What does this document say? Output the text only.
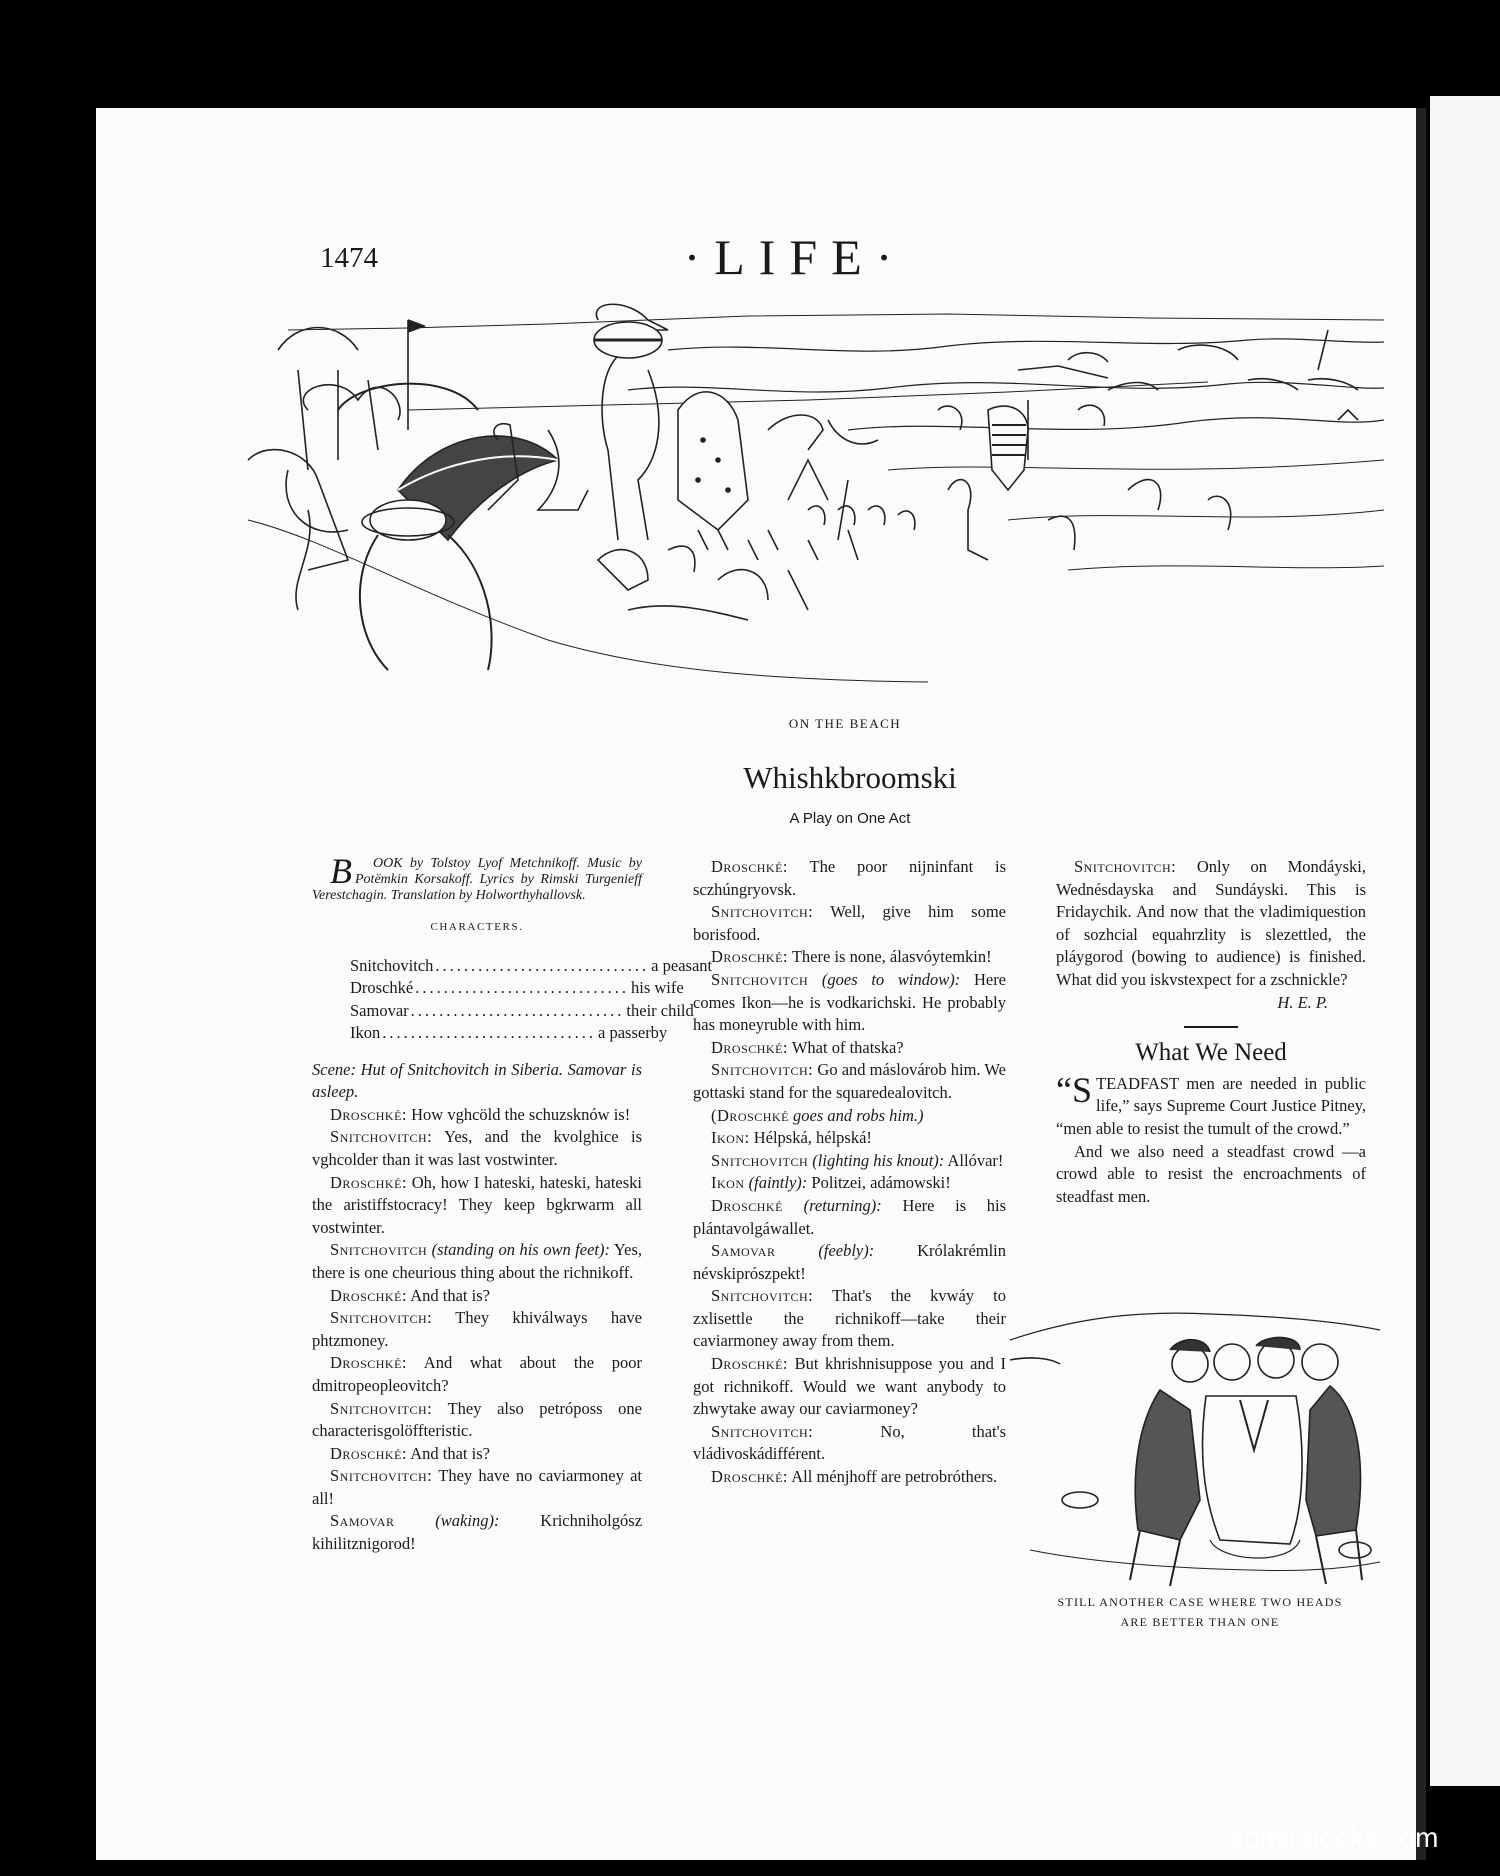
1474	·LIFE·
ON THE BEACH
Whishkbroomski
A Play on One Act

B OOK by Tolstoy Lyof Metchnikoff. Music by Potëmkin Korsakoff. Lyrics by Rimski Turgenieff Verestchagin. Translation by Holworthyhallovsk.

CHARACTERS.
Snitchovitch .............................. a peasant
Droschké .............................. his wife
Samovar .............................. their child
Ikon .............................. a passerby

Scene: Hut of Snitchovitch in Siberia. Samovar is asleep.

Droschké: How vghcöld the schuzsknów is!

Snitchovitch: Yes, and the kvolghice is vghcolder than it was last vostwinter.

Droschké: Oh, how I hateski, hateski, hateski the aristiffstocracy! They keep bgkrwarm all vostwinter.

Snitchovitch (standing on his own feet): Yes, there is one cheurious thing about the richnikoff.

Droschké: And that is?

Snitchovitch: They khiválways have phtzmoney.

Droschké: And what about the poor dmitropeopleovitch?

Snitchovitch: They also petróposs one characterisgolöffteristic.

Droschké: And that is?

Snitchovitch: They have no caviarmoney at all!

Samovar (waking): Krichniholgósz kihilitznigorod!

Droschké: The poor nijninfant is sczhúngryovsk.

Snitchovitch: Well, give him some borisfood.

Droschké: There is none, álasvóytemkin!

Snitchovitch (goes to window): Here comes Ikon—he is vodkarichski. He probably has moneyruble with him.

Droschké: What of thatska?

Snitchovitch: Go and máslovárob him. We gottaski stand for the squaredealovitch.

(Droschké goes and robs him.)

Ikon: Hélpská, hélpská!

Snitchovitch (lighting his knout): Allóvar!

Ikon (faintly): Politzei, adámowski!

Droschké (returning): Here is his plántavolgáwallet.

Samovar	(feebly):	Królakrémlin névskiprószpekt!

Snitchovitch: That's the kvwáy to zxlisettle the richnikoff—take their caviarmoney away from them.

Droschké: But khrishnisuppose you and I got richnikoff. Would we want anybody to zhwytake away our caviarmoney?

Snitchovitch:	No, that's vládivoskádifférent.

Droschké: All ménjhoff are petrobróthers.

Snitchovitch: Only on Mondáyski, Wednésdayska and Sundáyski. This is Fridaychik. And now that the vladimiquestion of sozhcial equahrzlity is slezettled, the pláygorod (bowing to audience) is finished. What did you iskvstexpect for a zschnickle?

H. E. P.
What We Need

“S TEADFAST men are needed in public life,” says Supreme Court Justice Pitney, “men able to resist the tumult of the crowd.”

And we also need a steadfast crowd —a crowd able to resist the encroachments of steadfast men.

STILL ANOTHER CASE WHERE TWO HEADS
ARE BETTER THAN ONE
comicbooks.com
